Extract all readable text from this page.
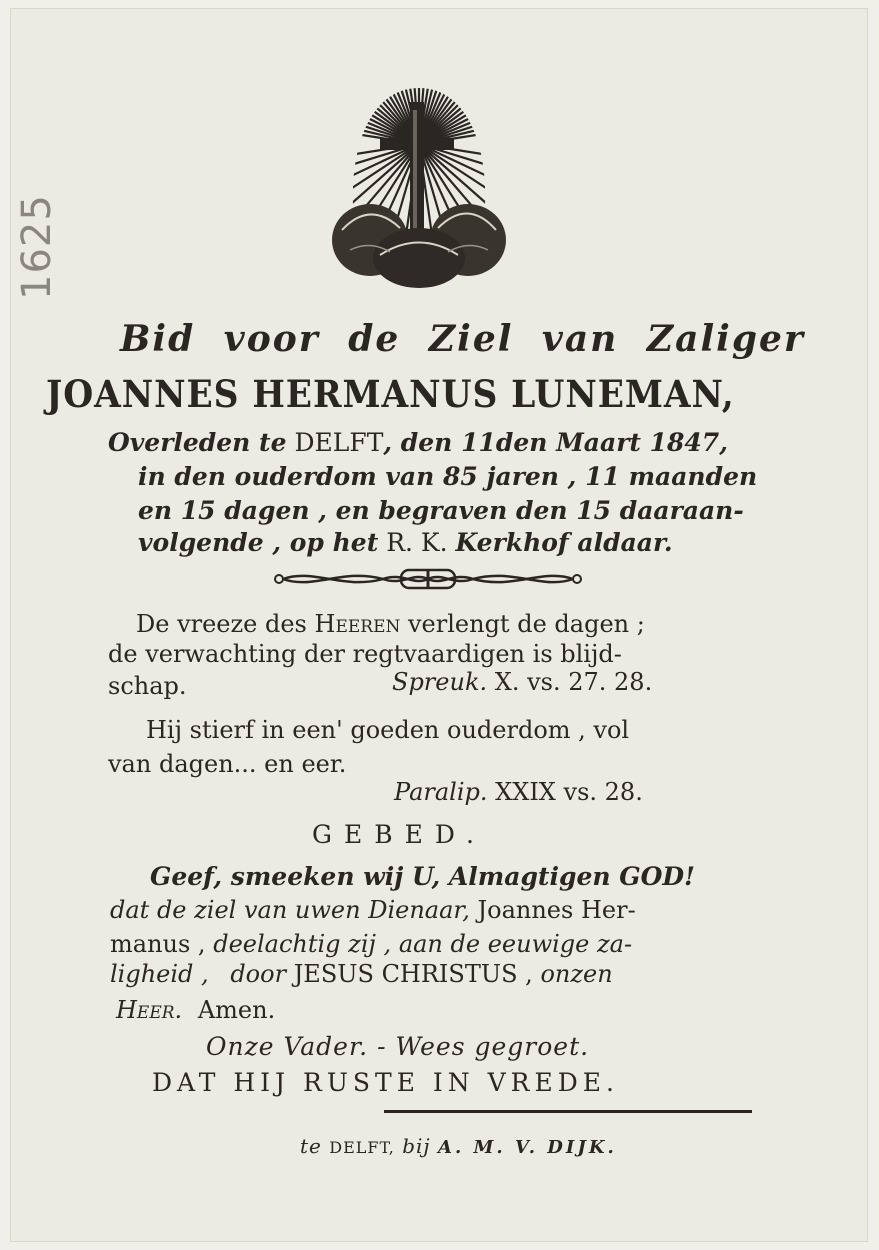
1625
Bid voor de Ziel van Zaliger
JOANNES HERMANUS LUNEMAN,
Overleden te DELFT, den 11den Maart 1847,
in den ouderdom van 85 jaren , 11 maanden
en 15 dagen , en begraven den 15 daaraan-
volgende , op het R. K. Kerkhof aldaar.
De vreeze des Heeren verlengt de dagen ;
de verwachting der regtvaardigen is blijd-
schap.	Spreuk. X. vs. 27. 28.
Hij stierf in een' goeden ouderdom , vol
van dagen... en eer.
Paralip. XXIX vs. 28.
GEBED.
Geef, smeeken wij U, Almagtigen GOD!
dat de ziel van uwen Dienaar, Joannes Her-
manus , deelachtig zij , aan de eeuwige za-
ligheid , door JESUS CHRISTUS , onzen
Heer. Amen.
Onze Vader. - Wees gegroet.
DAT HIJ RUSTE IN VREDE.
te DELFT, bij A. M. V. DIJK.
